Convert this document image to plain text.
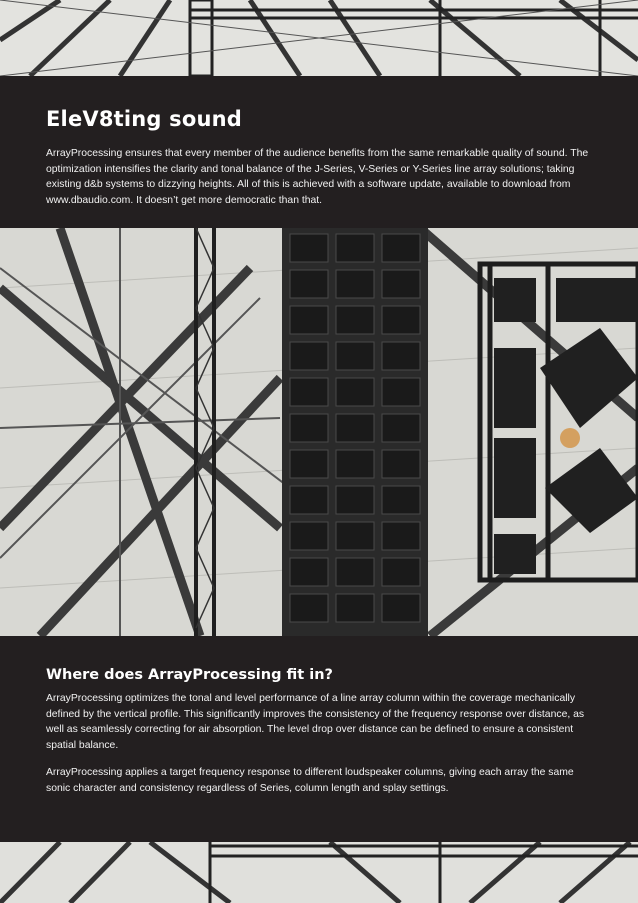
EleV8ting sound

ArrayProcessing ensures that every member of the audience benefits from the same remarkable quality of sound. The optimization intensifies the clarity and tonal balance of the J-Series, V-Series or Y-Series line array solutions; taking existing d&b systems to dizzying heights. All of this is achieved with a software update, available to download from www.dbaudio.com. It doesn’t get more democratic than that.

Where does ArrayProcessing fit in?

ArrayProcessing optimizes the tonal and level performance of a line array column within the coverage mechanically defined by the vertical profile. This significantly improves the consistency of the frequency response over distance, as well as seamlessly correcting for air absorption. The level drop over distance can be defined to ensure a consistent spatial balance.

ArrayProcessing applies a target frequency response to different loudspeaker columns, giving each array the same sonic character and consistency regardless of Series, column length and splay settings.
